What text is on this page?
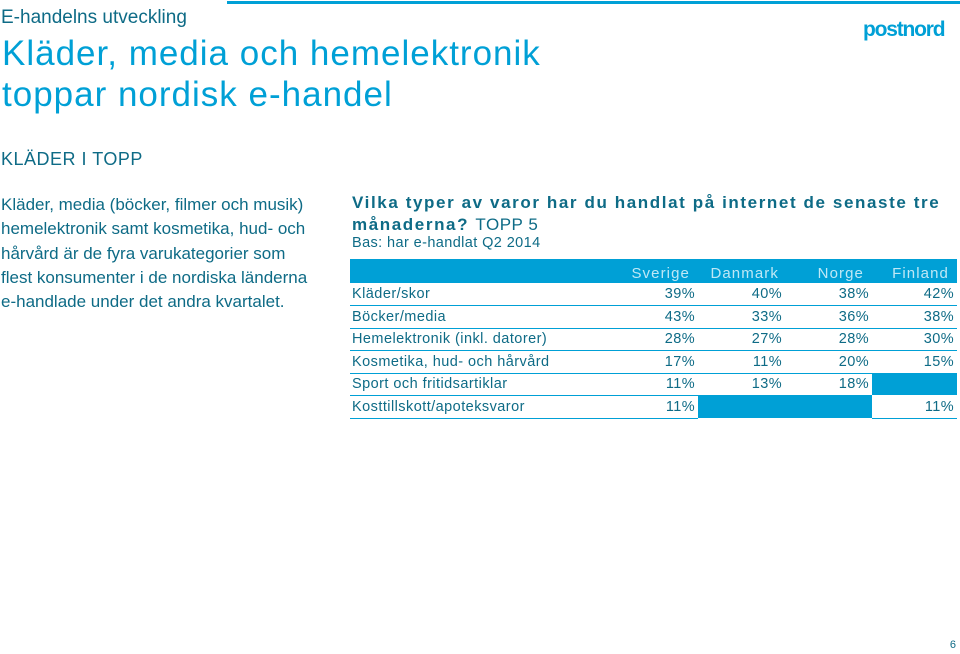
E-handelns utveckling
Kläder, media och hemelektronik
toppar nordisk e-handel
postnord
KLÄDER I TOPP
Kläder, media (böcker, filmer och musik) hemelektronik samt kosmetika, hud- och hårvård är de fyra varukategorier som flest konsumenter i de nordiska länderna e-handlade under det andra kvartalet.
Vilka typer av varor har du handlat på internet de senaste tre månaderna? TOPP 5
Bas: har e-handlat Q2 2014
	Sverige	Danmark	Norge	Finland
Kläder/skor	39%	40%	38%	42%
Böcker/media	43%	33%	36%	38%
Hemelektronik (inkl. datorer)	28%	27%	28%	30%
Kosmetika, hud- och hårvård	17%	11%	20%	15%
Sport och fritidsartiklar	11%	13%	18%	
Kosttillskott/apoteksvaror	11%			11%
6
